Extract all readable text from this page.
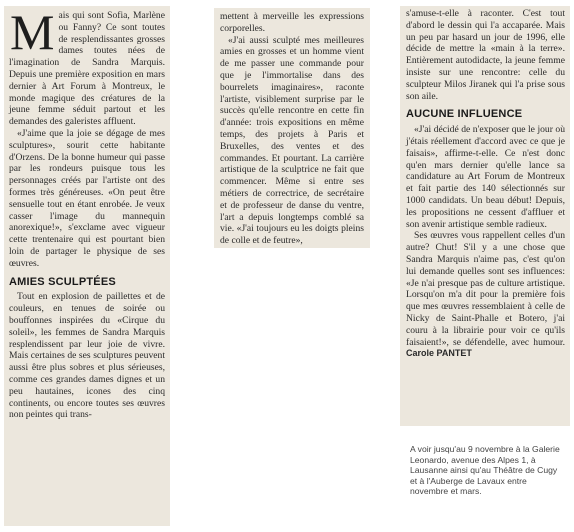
Mais qui sont Sofia, Marlène ou Fanny? Ce sont toutes de resplendissantes grosses dames toutes nées de l'imagination de Sandra Marquis. Depuis une première exposition en mars dernier à Art Forum à Montreux, le monde magique des créatures de la jeune femme séduit partout et les demandes des galeristes affluent.

«J'aime que la joie se dégage de mes sculptures», sourit cette habitante d'Orzens. De la bonne humeur qui passe par les rondeurs puisque tous les personnages créés par l'artiste ont des formes très généreuses. «On peut être sensuelle tout en étant enrobée. Je veux casser l'image du mannequin anorexique!», s'exclame avec vigueur cette trentenaire qui est pourtant bien loin de partager le physique de ses œuvres.

AMIES SCULPTÉES

Tout en explosion de paillettes et de couleurs, en tenues de soirée ou bouffonnes inspirées du «Cirque du soleil», les femmes de Sandra Marquis resplendissent par leur joie de vivre. Mais certaines de ses sculptures peuvent aussi être plus sobres et plus sérieuses, comme ces grandes dames dignes et un peu hautaines, icones des cinq continents, ou encore toutes ses œuvres non peintes qui trans-

mettent à merveille les expressions corporelles.

«J'ai aussi sculpté mes meilleures amies en grosses et un homme vient de me passer une commande pour que je l'immortalise dans des bourrelets imaginaires», raconte l'artiste, visiblement surprise par le succès qu'elle rencontre en cette fin d'année: trois expositions en même temps, des projets à Paris et Bruxelles, des ventes et des commandes. Et pourtant. La carrière artistique de la sculptrice ne fait que commencer. Même si entre ses métiers de correctrice, de secrétaire et de professeur de danse du ventre, l'art a depuis longtemps comblé sa vie. «J'ai toujours eu les doigts pleins de colle et de feutre»,

s'amuse-t-elle à raconter. C'est tout d'abord le dessin qui l'a accaparée. Mais un peu par hasard un jour de 1996, elle décide de mettre la «main à la terre». Entièrement autodidacte, la jeune femme insiste sur une rencontre: celle du sculpteur Milos Jiranek qui l'a prise sous son aile.

AUCUNE INFLUENCE

«J'ai décidé de n'exposer que le jour où j'étais réellement d'accord avec ce que je faisais», affirme-t-elle. Ce n'est donc qu'en mars dernier qu'elle lance sa candidature au Art Forum de Montreux et fait partie des 140 sélectionnés sur 1000 candidats. Un beau début! Depuis, les propositions ne cessent d'affluer et son avenir artistique semble radieux.

Ses œuvres vous rappellent celles d'un autre? Chut! S'il y a une chose que Sandra Marquis n'aime pas, c'est qu'on lui demande quelles sont ses influences: «Je n'ai presque pas de culture artistique. Lorsqu'on m'a dit pour la première fois que mes œuvres ressemblaient à celle de Nicky de Saint-Phalle et Botero, j'ai couru à la librairie pour voir ce qu'ils faisaient!», se défendelle, avec humour. Carole PANTET

A voir jusqu'au 9 novembre à la Galerie Leonardo, avenue des Alpes 1, à Lausanne ainsi qu'au Théâtre de Cugy et à l'Auberge de Lavaux entre novembre et mars.
